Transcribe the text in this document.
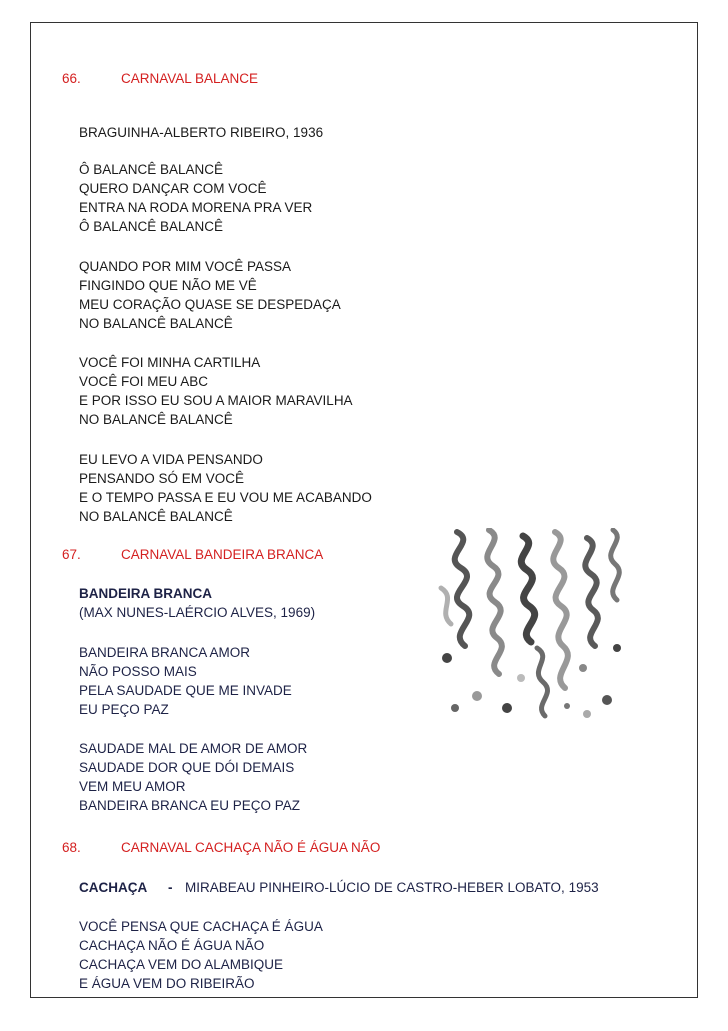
66.	CARNAVAL BALANCE
BRAGUINHA-ALBERTO RIBEIRO, 1936
Ô BALANCÊ BALANCÊ
QUERO DANÇAR COM VOCÊ
ENTRA NA RODA MORENA PRA VER
Ô BALANCÊ BALANCÊ
QUANDO POR MIM VOCÊ PASSA
FINGINDO QUE NÃO ME VÊ
MEU CORAÇÃO QUASE SE DESPEDAÇA
NO BALANCÊ BALANCÊ
VOCÊ FOI MINHA CARTILHA
VOCÊ FOI MEU ABC
E POR ISSO EU SOU A MAIOR MARAVILHA
NO BALANCÊ BALANCÊ
EU LEVO A VIDA PENSANDO
PENSANDO SÓ EM VOCÊ
E O TEMPO PASSA E EU VOU ME ACABANDO
NO BALANCÊ BALANCÊ
67.	CARNAVAL BANDEIRA BRANCA
BANDEIRA BRANCA
(MAX NUNES-LAÉRCIO ALVES, 1969)
BANDEIRA BRANCA AMOR
NÃO POSSO MAIS
PELA SAUDADE QUE ME INVADE
EU PEÇO PAZ
SAUDADE MAL DE AMOR DE AMOR
SAUDADE DOR QUE DÓI DEMAIS
VEM MEU AMOR
BANDEIRA BRANCA EU PEÇO PAZ
68.	CARNAVAL CACHAÇA NÃO É ÁGUA NÃO
CACHAÇA - MIRABEAU PINHEIRO-LÚCIO DE CASTRO-HEBER LOBATO, 1953
VOCÊ PENSA QUE CACHAÇA É ÁGUA
CACHAÇA NÃO É ÁGUA NÃO
CACHAÇA VEM DO ALAMBIQUE
E ÁGUA VEM DO RIBEIRÃO
